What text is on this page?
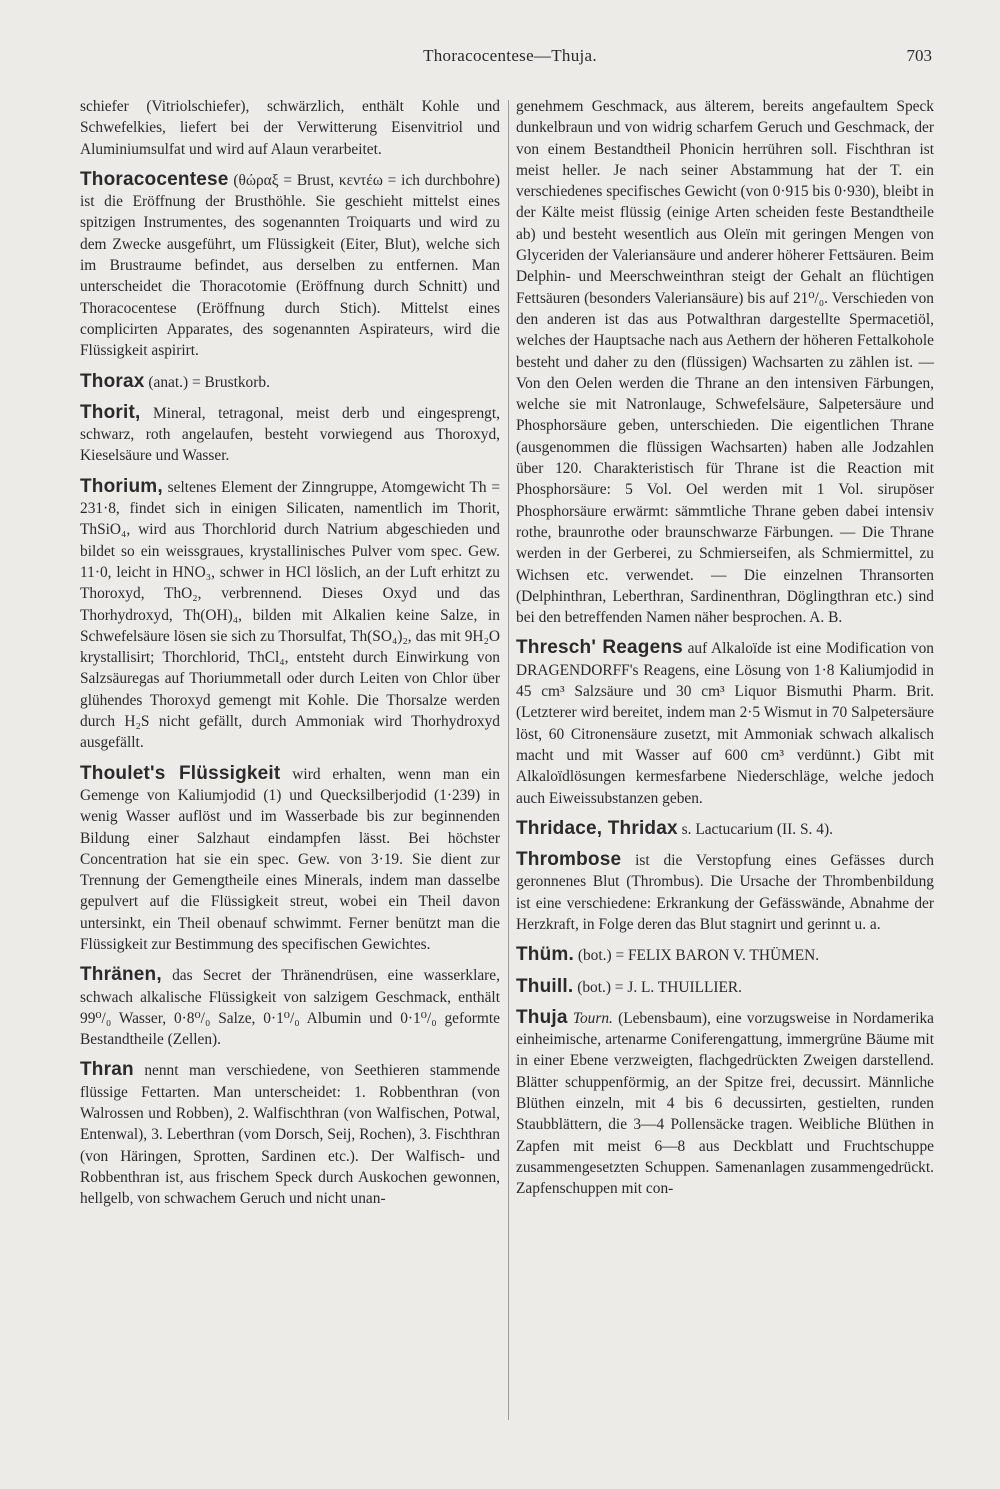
Thoracocentese—Thuja.	703

schiefer (Vitriolschiefer), schwärzlich, enthält Kohle und Schwefelkies, liefert bei der Verwitterung Eisenvitriol und Aluminiumsulfat und wird auf Alaun verarbeitet.

Thoracocentese (θώραξ = Brust, κεντέω = ich durchbohre) ist die Eröffnung der Brusthöhle. Sie geschieht mittelst eines spitzigen Instrumentes, des sogenannten Troiquarts und wird zu dem Zwecke ausgeführt, um Flüssigkeit (Eiter, Blut), welche sich im Brustraume befindet, aus derselben zu entfernen. Man unterscheidet die Thoracotomie (Eröffnung durch Schnitt) und Thoracocentese (Eröffnung durch Stich). Mittelst eines complicirten Apparates, des sogenannten Aspirateurs, wird die Flüssigkeit aspirirt.

Thorax (anat.) = Brustkorb.

Thorit, Mineral, tetragonal, meist derb und eingesprengt, schwarz, roth angelaufen, besteht vorwiegend aus Thoroxyd, Kieselsäure und Wasser.

Thorium, seltenes Element der Zinngruppe, Atomgewicht Th = 231·8, findet sich in einigen Silicaten, namentlich im Thorit, ThSiO₄, wird aus Thorchlorid durch Natrium abgeschieden und bildet so ein weissgraues, krystallinisches Pulver vom spec. Gew. 11·0, leicht in HNO₃, schwer in HCl löslich, an der Luft erhitzt zu Thoroxyd, ThO₂, verbrennend. Dieses Oxyd und das Thorhydroxyd, Th(OH)₄, bilden mit Alkalien keine Salze, in Schwefelsäure lösen sie sich zu Thorsulfat, Th(SO₄)₂, das mit 9H₂O krystallisirt; Thorchlorid, ThCl₄, entsteht durch Einwirkung von Salzsäuregas auf Thoriummetall oder durch Leiten von Chlor über glühendes Thoroxyd gemengt mit Kohle. Die Thorsalze werden durch H₂S nicht gefällt, durch Ammoniak wird Thorhydroxyd ausgefällt.

Thoulet's Flüssigkeit wird erhalten, wenn man ein Gemenge von Kaliumjodid (1) und Quecksilberjodid (1·239) in wenig Wasser auflöst und im Wasserbade bis zur beginnenden Bildung einer Salzhaut eindampfen lässt. Bei höchster Concentration hat sie ein spec. Gew. von 3·19. Sie dient zur Trennung der Gemengtheile eines Minerals, indem man dasselbe gepulvert auf die Flüssigkeit streut, wobei ein Theil davon untersinkt, ein Theil obenauf schwimmt. Ferner benützt man die Flüssigkeit zur Bestimmung des specifischen Gewichtes.

Thränen, das Secret der Thränendrüsen, eine wasserklare, schwach alkalische Flüssigkeit von salzigem Geschmack, enthält 99⁰/₀ Wasser, 0·8⁰/₀ Salze, 0·1⁰/₀ Albumin und 0·1⁰/₀ geformte Bestandtheile (Zellen).

Thran nennt man verschiedene, von Seethieren stammende flüssige Fettarten. Man unterscheidet: 1. Robbenthran (von Walrossen und Robben), 2. Walfischthran (von Walfischen, Potwal, Entenwal), 3. Leberthran (vom Dorsch, Seij, Rochen), 3. Fischthran (von Häringen, Sprotten, Sardinen etc.). Der Walfisch- und Robbenthran ist, aus frischem Speck durch Auskochen gewonnen, hellgelb, von schwachem Geruch und nicht unan-

genehmem Geschmack, aus älterem, bereits angefaultem Speck dunkelbraun und von widrig scharfem Geruch und Geschmack, der von einem Bestandtheil Phonicin herrühren soll. Fischthran ist meist heller. Je nach seiner Abstammung hat der T. ein verschiedenes specifisches Gewicht (von 0·915 bis 0·930), bleibt in der Kälte meist flüssig (einige Arten scheiden feste Bestandtheile ab) und besteht wesentlich aus Oleïn mit geringen Mengen von Glyceriden der Valeriansäure und anderer höherer Fettsäuren. Beim Delphin- und Meerschweinthran steigt der Gehalt an flüchtigen Fettsäuren (besonders Valeriansäure) bis auf 21⁰/₀. Verschieden von den anderen ist das aus Potwalthran dargestellte Spermacetiöl, welches der Hauptsache nach aus Aethern der höheren Fettalkohole besteht und daher zu den (flüssigen) Wachsarten zu zählen ist. — Von den Oelen werden die Thrane an den intensiven Färbungen, welche sie mit Natronlauge, Schwefelsäure, Salpetersäure und Phosphorsäure geben, unterschieden. Die eigentlichen Thrane (ausgenommen die flüssigen Wachsarten) haben alle Jodzahlen über 120. Charakteristisch für Thrane ist die Reaction mit Phosphorsäure: 5 Vol. Oel werden mit 1 Vol. sirupöser Phosphorsäure erwärmt: sämmtliche Thrane geben dabei intensiv rothe, braunrothe oder braunschwarze Färbungen. — Die Thrane werden in der Gerberei, zu Schmierseifen, als Schmiermittel, zu Wichsen etc. verwendet. — Die einzelnen Thransorten (Delphinthran, Leberthran, Sardinenthran, Döglingthran etc.) sind bei den betreffenden Namen näher besprochen. A. B.

Thresch' Reagens auf Alkaloïde ist eine Modification von DRAGENDORFF's Reagens, eine Lösung von 1·8 Kaliumjodid in 45 cm³ Salzsäure und 30 cm³ Liquor Bismuthi Pharm. Brit. (Letzterer wird bereitet, indem man 2·5 Wismut in 70 Salpetersäure löst, 60 Citronensäure zusetzt, mit Ammoniak schwach alkalisch macht und mit Wasser auf 600 cm³ verdünnt.) Gibt mit Alkaloïdlösungen kermesfarbene Niederschläge, welche jedoch auch Eiweissubstanzen geben.

Thridace, Thridax s. Lactucarium (II. S. 4).

Thrombose ist die Verstopfung eines Gefässes durch geronnenes Blut (Thrombus). Die Ursache der Thrombenbildung ist eine verschiedene: Erkrankung der Gefässwände, Abnahme der Herzkraft, in Folge deren das Blut stagnirt und gerinnt u. a.

Thüm. (bot.) = FELIX BARON V. THÜMEN.

Thuill. (bot.) = J. L. THUILLIER.

Thuja Tourn. (Lebensbaum), eine vorzugsweise in Nordamerika einheimische, artenarme Coniferengattung, immergrüne Bäume mit in einer Ebene verzweigten, flachgedrückten Zweigen darstellend. Blätter schuppenförmig, an der Spitze frei, decussirt. Männliche Blüthen einzeln, mit 4 bis 6 decussirten, gestielten, runden Staubblättern, die 3—4 Pollensäcke tragen. Weibliche Blüthen in Zapfen mit meist 6—8 aus Deckblatt und Fruchtschuppe zusammengesetzten Schuppen. Samenanlagen zusammengedrückt. Zapfenschuppen mit con-
